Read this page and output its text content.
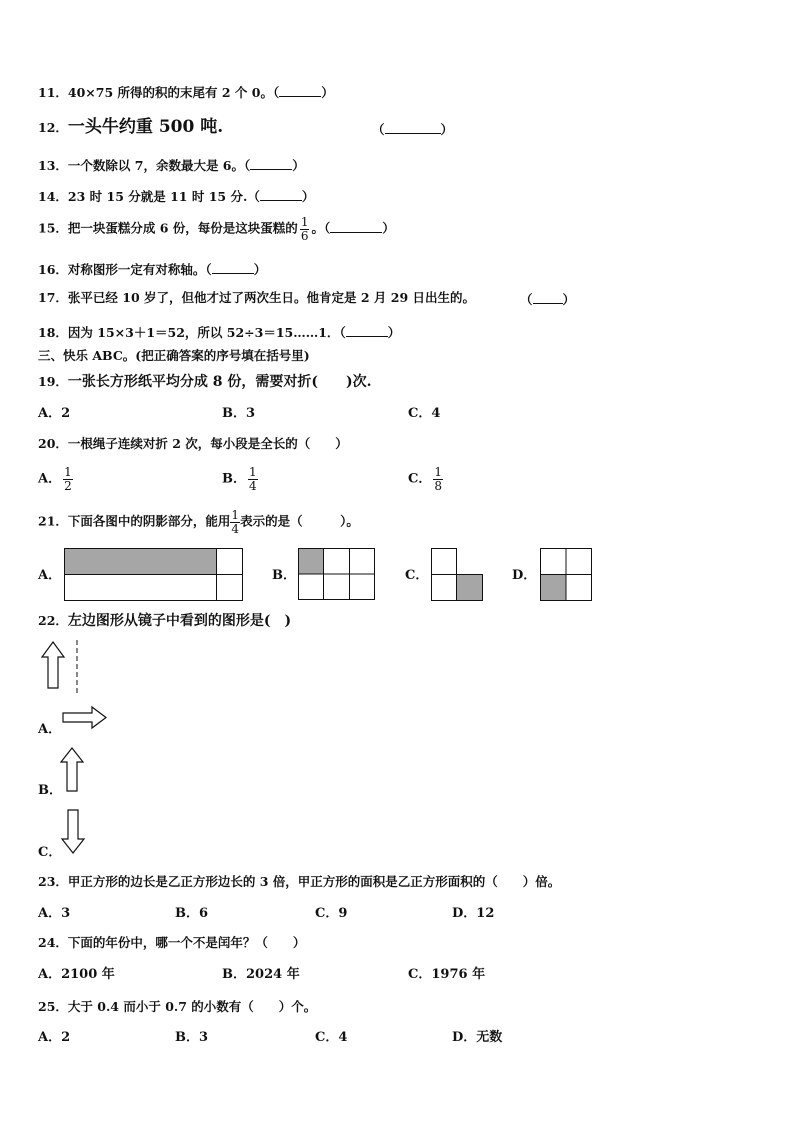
11．40×75 所得的积的末尾有 2 个 0。（	）
12．一头牛约重 500 吨.	（	）
13．一个数除以 7，余数最大是 6。（	）
14．23 时 15 分就是 11 时 15 分.（	）
15．把一块蛋糕分成 6 份，每份是这块蛋糕的 $\frac{1}{6}$ 。（	）
16．对称图形一定有对称轴。（	）
17．张平已经 10 岁了，但他才过了两次生日。他肯定是 2 月 29 日出生的。	（ ）
18．因为 15×3＋1＝52，所以 52÷3＝15……1．（	）
三、快乐 ABC。(把正确答案的序号填在括号里)
19．一张长方形纸平均分成 8 份，需要对折(　　)次.
A．2	B．3	C．4
20．一根绳子连续对折 2 次，每小段是全长的（　　）
A． $\frac{1}{2}$	B． $\frac{1}{4}$	C． $\frac{1}{8}$
21．下面各图中的阴影部分，能用 $\frac{1}{4}$ 表示的是（　　　）。
A．	B．	C．	D．
22．左边图形从镜子中看到的图形是(　)
A．
B．
C．
23．甲正方形的边长是乙正方形边长的 3 倍，甲正方形的面积是乙正方形面积的（　　）倍。
A．3	B．6	C．9	D．12
24．下面的年份中，哪一个不是闰年？（　　）
A．2100 年	B．2024 年	C．1976 年
25．大于 0.4 而小于 0.7 的小数有（　　）个。
A．2	B．3	C．4	D．无数
